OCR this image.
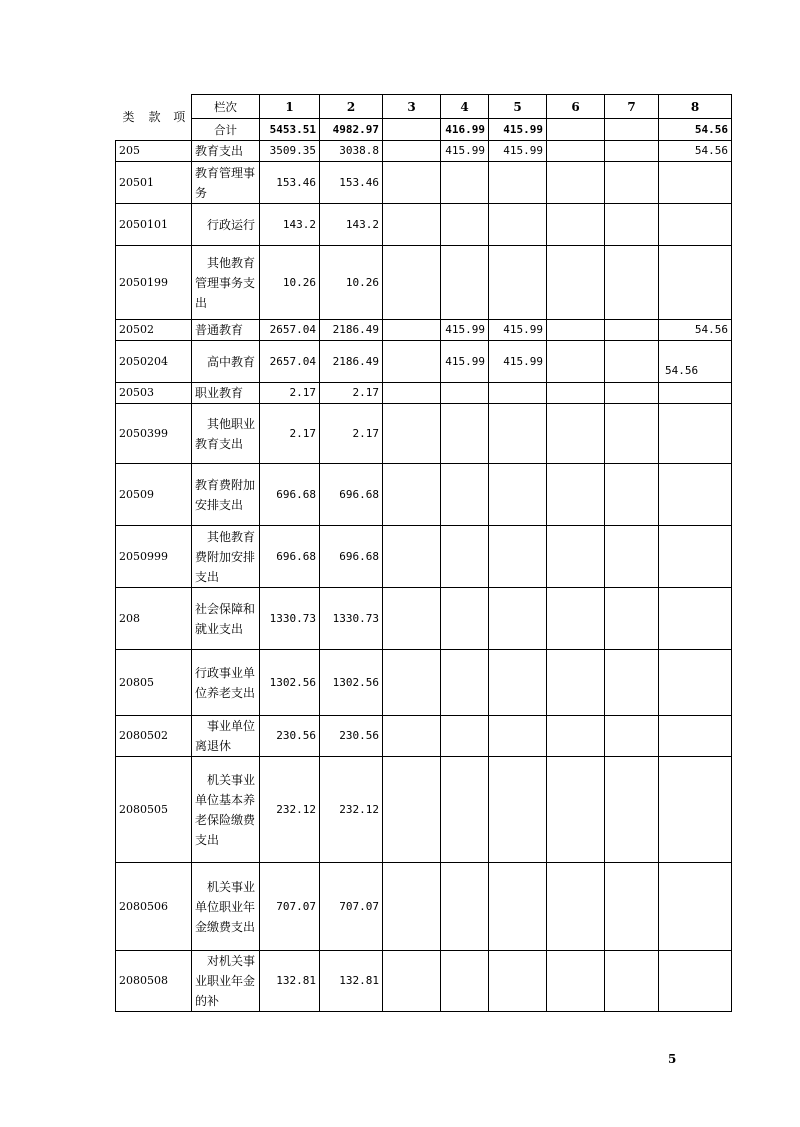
类	款	项	栏次	1	2	3	4	5	6	7	8
			合计	5453.51	4982.97		416.99	415.99			54.56
205			教育支出	3509.35	3038.8		415.99	415.99			54.56
20501			教育管理事务	153.46	153.46						
2050101			行政运行	143.2	143.2						
2050199			其他教育管理事务支出	10.26	10.26						
20502			普通教育	2657.04	2186.49		415.99	415.99			54.56
2050204			高中教育	2657.04	2186.49		415.99	415.99			54.56
20503			职业教育	2.17	2.17						
2050399			其他职业教育支出	2.17	2.17						
20509			教育费附加安排支出	696.68	696.68						
2050999			其他教育费附加安排支出	696.68	696.68						
208			社会保障和就业支出	1330.73	1330.73						
20805			行政事业单位养老支出	1302.56	1302.56						
2080502			事业单位离退休	230.56	230.56						
2080505			机关事业单位基本养老保险缴费支出	232.12	232.12						
2080506			机关事业单位职业年金缴费支出	707.07	707.07						
2080508			对机关事业职业年金的补	132.81	132.81						
5
